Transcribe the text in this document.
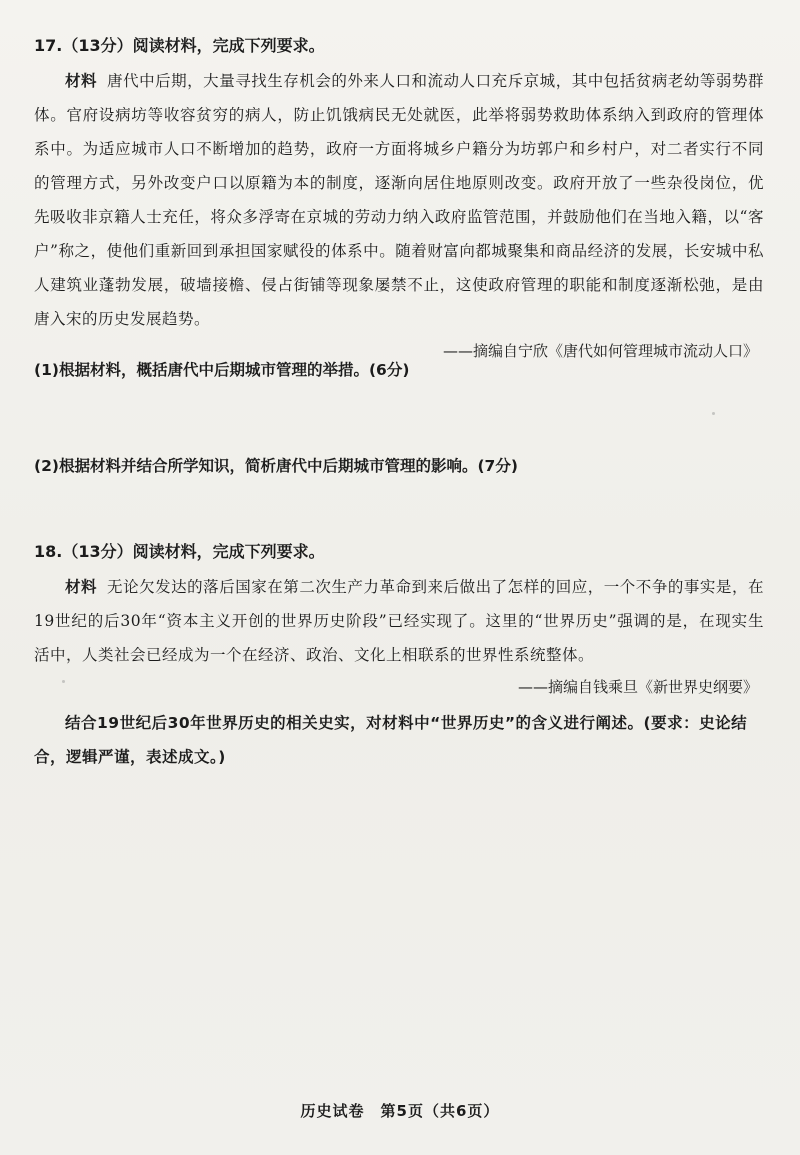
17.（13分）阅读材料，完成下列要求。

材料 唐代中后期，大量寻找生存机会的外来人口和流动人口充斥京城，其中包括贫病老幼等弱势群体。官府设病坊等收容贫穷的病人，防止饥饿病民无处就医，此举将弱势救助体系纳入到政府的管理体系中。为适应城市人口不断增加的趋势，政府一方面将城乡户籍分为坊郭户和乡村户，对二者实行不同的管理方式，另外改变户口以原籍为本的制度，逐渐向居住地原则改变。政府开放了一些杂役岗位，优先吸收非京籍人士充任，将众多浮寄在京城的劳动力纳入政府监管范围，并鼓励他们在当地入籍，以“客户”称之，使他们重新回到承担国家赋役的体系中。随着财富向都城聚集和商品经济的发展，长安城中私人建筑业蓬勃发展，破墙接檐、侵占街铺等现象屡禁不止，这使政府管理的职能和制度逐渐松弛，是由唐入宋的历史发展趋势。

——摘编自宁欣《唐代如何管理城市流动人口》
(1)根据材料，概括唐代中后期城市管理的举措。(6分)
(2)根据材料并结合所学知识，简析唐代中后期城市管理的影响。(7分)

18.（13分）阅读材料，完成下列要求。

材料 无论欠发达的落后国家在第二次生产力革命到来后做出了怎样的回应，一个不争的事实是，在19世纪的后30年“资本主义开创的世界历史阶段”已经实现了。这里的“世界历史”强调的是，在现实生活中，人类社会已经成为一个在经济、政治、文化上相联系的世界性系统整体。

——摘编自钱乘旦《新世界史纲要》

结合19世纪后30年世界历史的相关史实，对材料中“世界历史”的含义进行阐述。(要求：史论结合，逻辑严谨，表述成文。)

历史试卷　第5页（共6页）
